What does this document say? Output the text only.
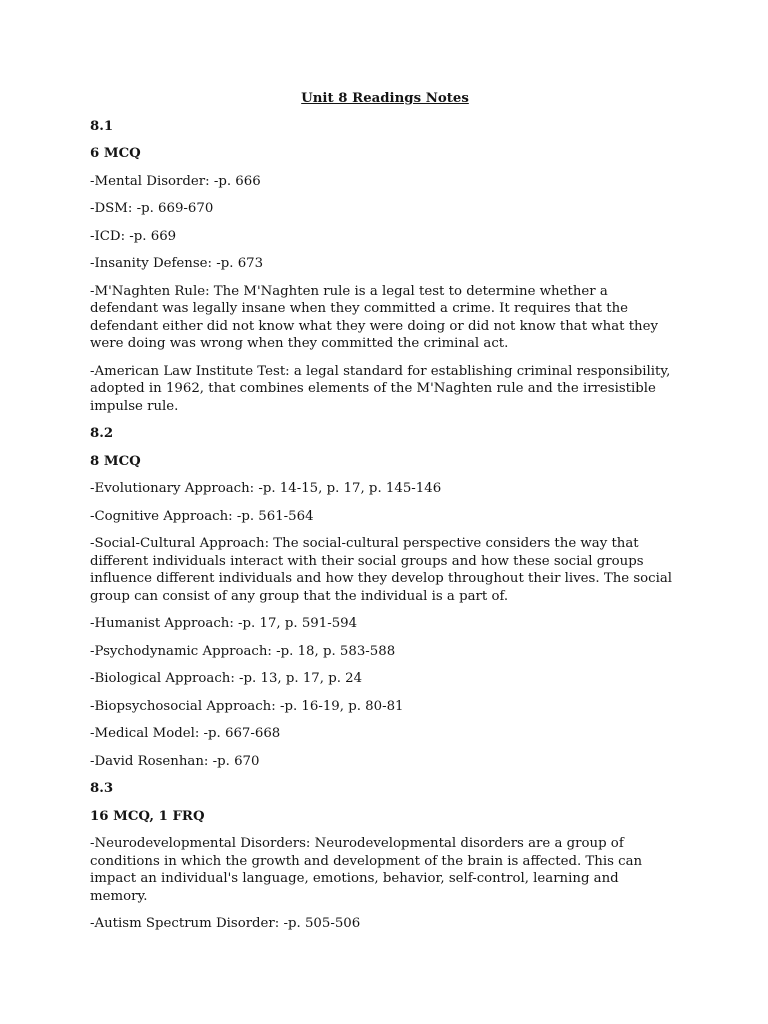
Unit 8 Readings Notes
8.1
6 MCQ
-Mental Disorder: -p. 666
-DSM: -p. 669-670
-ICD: -p. 669
-Insanity Defense: -p. 673
-M'Naghten Rule: The M'Naghten rule is a legal test to determine whether a defendant was legally insane when they committed a crime. It requires that the defendant either did not know what they were doing or did not know that what they were doing was wrong when they committed the criminal act.
-American Law Institute Test: a legal standard for establishing criminal responsibility, adopted in 1962, that combines elements of the M'Naghten rule and the irresistible impulse rule.
8.2
8 MCQ
-Evolutionary Approach: -p. 14-15, p. 17, p. 145-146
-Cognitive Approach: -p. 561-564
-Social-Cultural Approach: The social-cultural perspective considers the way that different individuals interact with their social groups and how these social groups influence different individuals and how they develop throughout their lives. The social group can consist of any group that the individual is a part of.
-Humanist Approach: -p. 17, p. 591-594
-Psychodynamic Approach: -p. 18, p. 583-588
-Biological Approach: -p. 13, p. 17, p. 24
-Biopsychosocial Approach: -p. 16-19, p. 80-81
-Medical Model: -p. 667-668
-David Rosenhan: -p. 670
8.3
16 MCQ, 1 FRQ
-Neurodevelopmental Disorders: Neurodevelopmental disorders are a group of conditions in which the growth and development of the brain is affected. This can impact an individual's language, emotions, behavior, self-control, learning and memory.
-Autism Spectrum Disorder: -p. 505-506
